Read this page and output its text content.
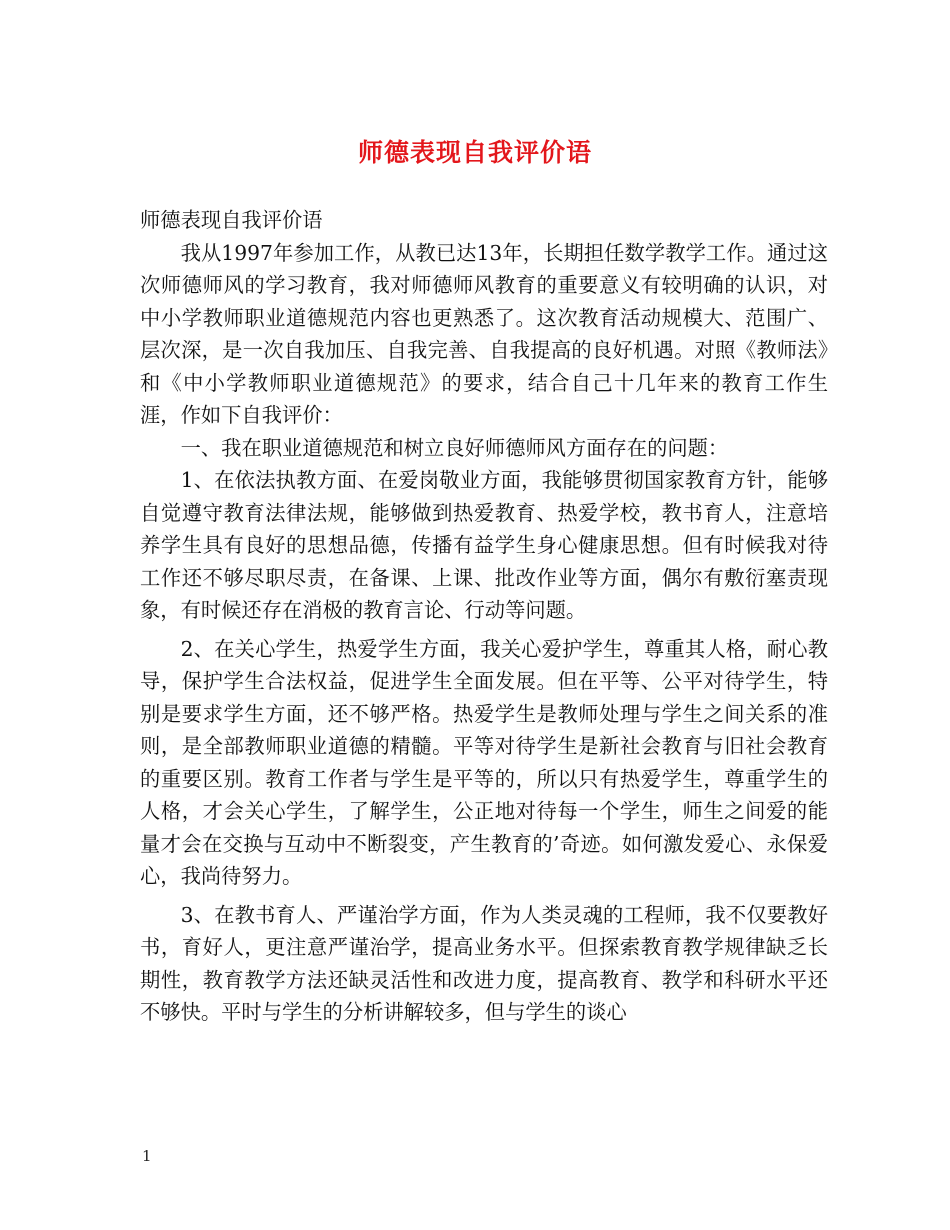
师德表现自我评价语

师德表现自我评价语

我从1997年参加工作，从教已达13年，长期担任数学教学工作。通过这次师德师风的学习教育，我对师德师风教育的重要意义有较明确的认识，对中小学教师职业道德规范内容也更熟悉了。这次教育活动规模大、范围广、层次深，是一次自我加压、自我完善、自我提高的良好机遇。对照《教师法》和《中小学教师职业道德规范》的要求，结合自己十几年来的教育工作生涯，作如下自我评价：

一、我在职业道德规范和树立良好师德师风方面存在的问题：

1、在依法执教方面、在爱岗敬业方面，我能够贯彻国家教育方针，能够自觉遵守教育法律法规，能够做到热爱教育、热爱学校，教书育人，注意培养学生具有良好的思想品德，传播有益学生身心健康思想。但有时候我对待工作还不够尽职尽责，在备课、上课、批改作业等方面，偶尔有敷衍塞责现象，有时候还存在消极的教育言论、行动等问题。

2、在关心学生，热爱学生方面，我关心爱护学生，尊重其人格，耐心教导，保护学生合法权益，促进学生全面发展。但在平等、公平对待学生，特别是要求学生方面，还不够严格。热爱学生是教师处理与学生之间关系的准则，是全部教师职业道德的精髓。平等对待学生是新社会教育与旧社会教育的重要区别。教育工作者与学生是平等的，所以只有热爱学生，尊重学生的人格，才会关心学生，了解学生，公正地对待每一个学生，师生之间爱的能量才会在交换与互动中不断裂变，产生教育的’奇迹。如何激发爱心、永保爱心，我尚待努力。

3、在教书育人、严谨治学方面，作为人类灵魂的工程师，我不仅要教好书，育好人，更注意严谨治学，提高业务水平。但探索教育教学规律缺乏长期性，教育教学方法还缺灵活性和改进力度，提高教育、教学和科研水平还不够快。平时与学生的分析讲解较多，但与学生的谈心

1
